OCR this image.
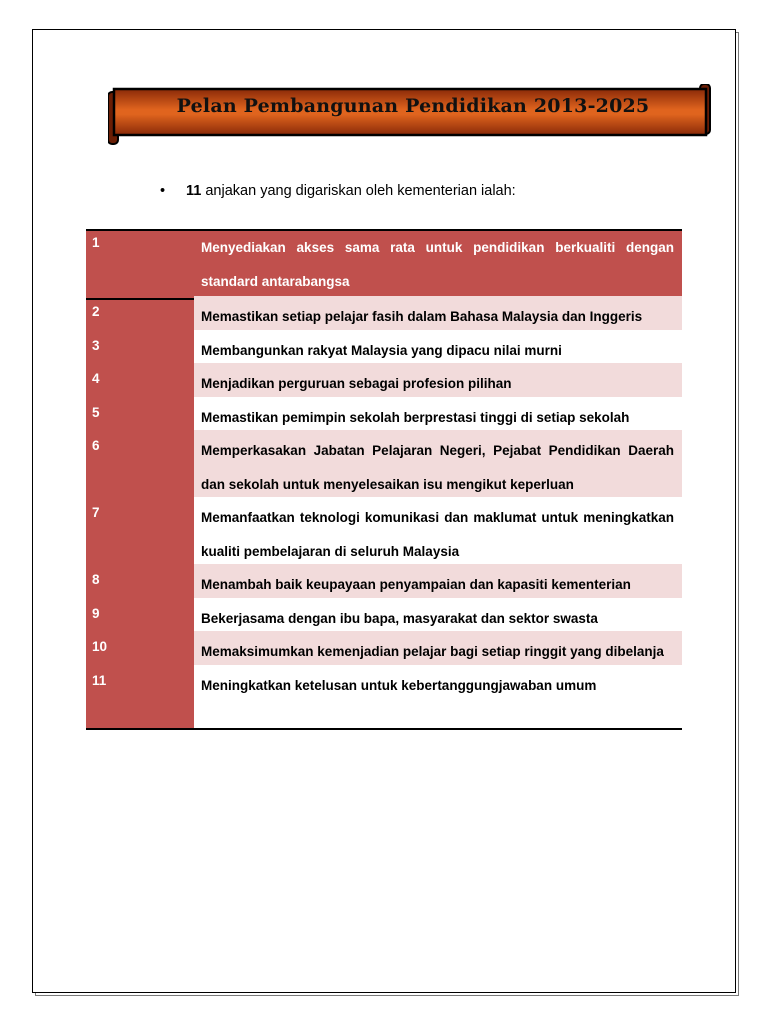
Pelan Pembangunan Pendidikan 2013-2025
• 11 anjakan yang digariskan oleh kementerian ialah:
1	Menyediakan akses sama rata untuk pendidikan berkualiti dengan standard antarabangsa
2	Memastikan setiap pelajar fasih dalam Bahasa Malaysia dan Inggeris
3	Membangunkan rakyat Malaysia yang dipacu nilai murni
4	Menjadikan perguruan sebagai profesion pilihan
5	Memastikan pemimpin sekolah berprestasi tinggi di setiap sekolah
6	Memperkasakan Jabatan Pelajaran Negeri, Pejabat Pendidikan Daerah dan sekolah untuk menyelesaikan isu mengikut keperluan
7	Memanfaatkan teknologi komunikasi dan maklumat untuk meningkatkan kualiti pembelajaran di seluruh Malaysia
8	Menambah baik keupayaan penyampaian dan kapasiti kementerian
9	Bekerjasama dengan ibu bapa, masyarakat dan sektor swasta
10	Memaksimumkan kemenjadian pelajar bagi setiap ringgit yang dibelanja
11	Meningkatkan ketelusan untuk kebertanggungjawaban umum
